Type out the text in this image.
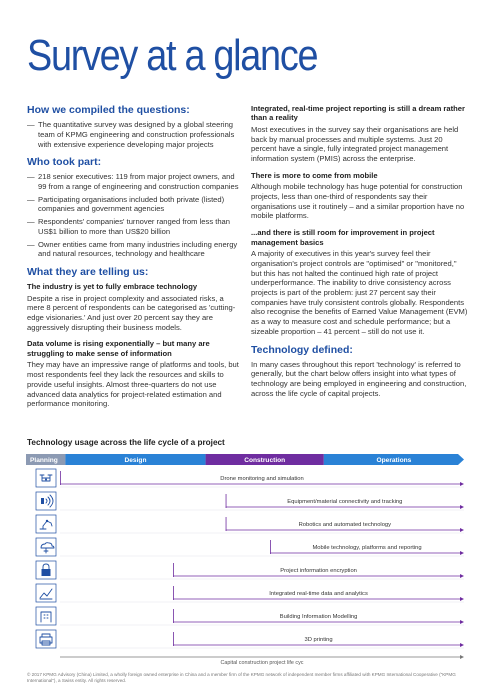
Survey at a glance
How we compiled the questions:
— The quantitative survey was designed by a global steering team of KPMG engineering and construction professionals with extensive experience developing major projects
Who took part:
— 218 senior executives: 119 from major project owners, and 99 from a range of engineering and construction companies
— Participating organisations included both private (listed) companies and government agencies
— Respondents' companies' turnover ranged from less than US$1 billion to more than US$20 billion
— Owner entities came from many industries including energy and natural resources, technology and healthcare
What they are telling us:
The industry is yet to fully embrace technology

Despite a rise in project complexity and associated risks, a mere 8 percent of respondents can be categorised as 'cutting-edge visionaries.' And just over 20 percent say they are aggressively disrupting their business models.

Data volume is rising exponentially – but many are struggling to make sense of information

They may have an impressive range of platforms and tools, but most respondents feel they lack the resources and skills to provide useful insights. Almost three-quarters do not use advanced data analytics for project-related estimation and performance monitoring.

Integrated, real-time project reporting is still a dream rather than a reality

Most executives in the survey say their organisations are held back by manual processes and multiple systems. Just 20 percent have a single, fully integrated project management information system (PMIS) across the enterprise.

There is more to come from mobile

Although mobile technology has huge potential for construction projects, less than one-third of respondents say their organisations use it routinely – and a similar proportion have no mobile platforms.

...and there is still room for improvement in project management basics

A majority of executives in this year's survey feel their organisation's project controls are "optimised" or "monitored," but this has not halted the continued high rate of project underperformance. The inability to drive consistency across projects is part of the problem: just 27 percent say their companies have truly consistent controls globally. Respondents also recognise the benefits of Earned Value Management (EVM) as a way to measure cost and schedule performance; but a sizeable proportion – 41 percent – still do not use it.

Technology defined:

In many cases throughout this report 'technology' is referred to generally, but the chart below offers insight into what types of technology are being employed in engineering and construction, across the life cycle of capital projects.

Technology usage across the life cycle of a project
Planning	Design	Construction	Operations
Drone monitoring and simulation
Equipment/material connectivity and tracking
Robotics and automated technology
Mobile technology, platforms and reporting
Project information encryption
Integrated real-time data and analytics
Building Information Modelling
3D printing
Capital construction project life cyc
© 2017 KPMG Advisory (China) Limited, a wholly foreign owned enterprise in China and a member firm of the KPMG network of independent member firms affiliated with KPMG International Cooperative ("KPMG International"), a Swiss entity. All rights reserved.
